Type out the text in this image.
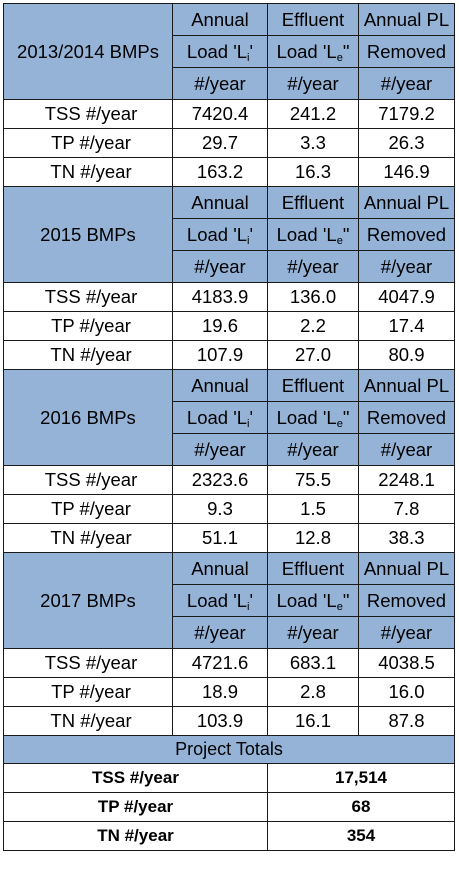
2013/2014 BMPs	Annual	Effluent	Annual PL
	Load '$L_i$'	Load '$L_e$"	Removed
	#/year	#/year	#/year
TSS #/year	7420.4	241.2	7179.2
TP #/year	29.7	3.3	26.3
TN #/year	163.2	16.3	146.9
2015 BMPs	Annual	Effluent	Annual PL
	Load '$L_i$'	Load '$L_e$"	Removed
	#/year	#/year	#/year
TSS #/year	4183.9	136.0	4047.9
TP #/year	19.6	2.2	17.4
TN #/year	107.9	27.0	80.9
2016 BMPs	Annual	Effluent	Annual PL
	Load '$L_i$'	Load '$L_e$"	Removed
	#/year	#/year	#/year
TSS #/year	2323.6	75.5	2248.1
TP #/year	9.3	1.5	7.8
TN #/year	51.1	12.8	38.3
2017 BMPs	Annual	Effluent	Annual PL
	Load '$L_i$'	Load '$L_e$"	Removed
	#/year	#/year	#/year
TSS #/year	4721.6	683.1	4038.5
TP #/year	18.9	2.8	16.0
TN #/year	103.9	16.1	87.8
Project Totals			
TSS #/year		17,514	
TP #/year		68	
TN #/year		354	
